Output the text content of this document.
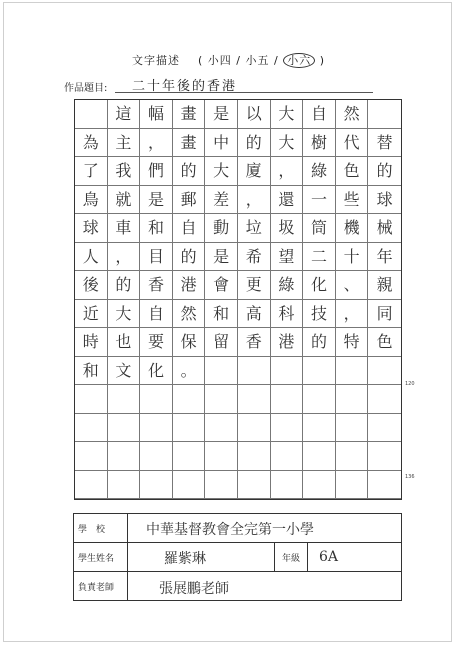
文字描述 ( 小四 / 小五 / 小六 )
作品題目: 二十年後的香港
這	幅	畫	是	以	大	自	然
為	主	，	畫	中	的	大	樹	代	替
了	我	們	的	大	廈	，	綠	色	的
鳥	就	是	郵	差	，	還	一	些	球
球	車	和	自	動	垃	圾	筒	機	械
人	，	目	的	是	希	望	二	十	年
後	的	香	港	會	更	綠	化	、	親
近	大	自	然	和	高	科	技	，	同
時	也	要	保	留	香	港	的	特	色
和	文	化	。
120
136
學　校	中華基督教會全完第一小學
學生姓名	羅紫琳	年級	6A
負責老師	張展鵬老師
